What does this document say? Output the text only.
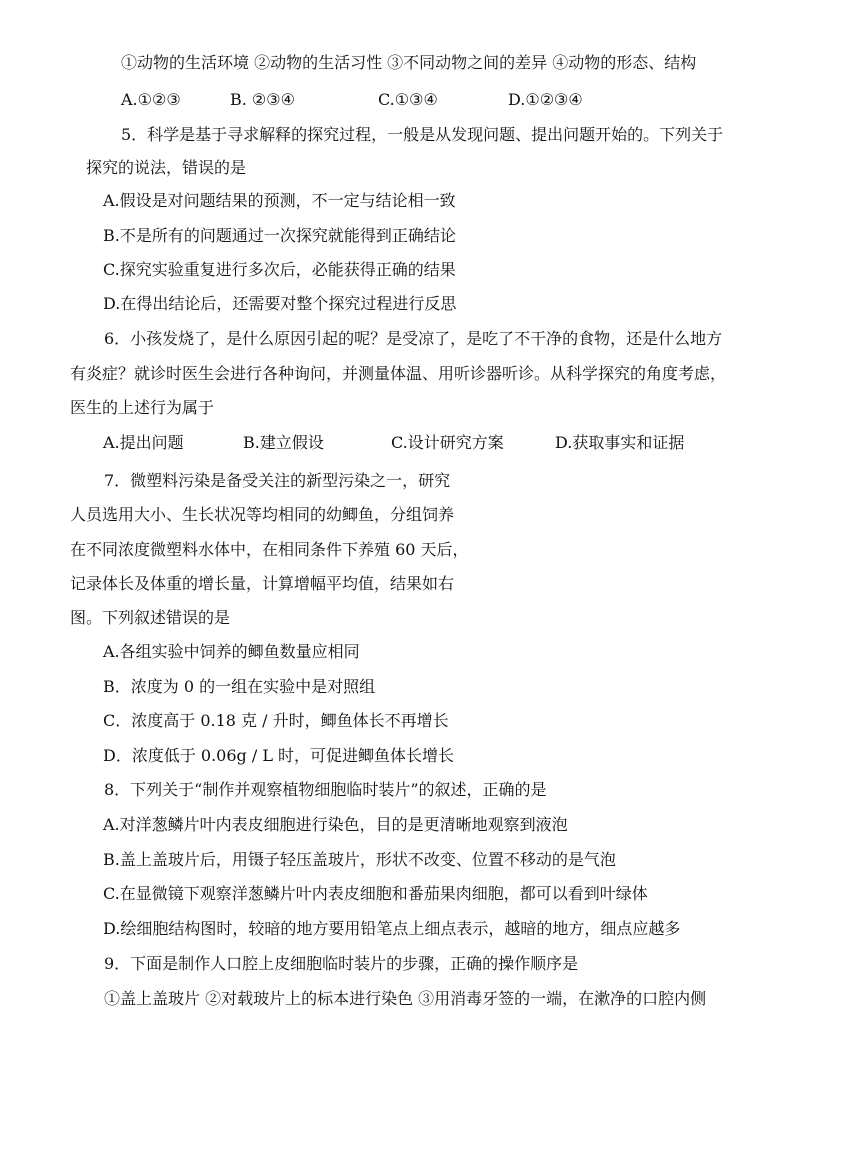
①动物的生活环境 ②动物的生活习性 ③不同动物之间的差异 ④动物的形态、结构
A.①②③	B. ②③④	C.①③④	D.①②③④
5．科学是基于寻求解释的探究过程，一般是从发现问题、提出问题开始的。下列关于
探究的说法，错误的是
A.假设是对问题结果的预测，不一定与结论相一致
B.不是所有的问题通过一次探究就能得到正确结论
C.探究实验重复进行多次后，必能获得正确的结果
D.在得出结论后，还需要对整个探究过程进行反思
6．小孩发烧了，是什么原因引起的呢？是受凉了，是吃了不干净的食物，还是什么地方
有炎症？就诊时医生会进行各种询问，并测量体温、用听诊器听诊。从科学探究的角度考虑，
医生的上述行为属于
A.提出问题	B.建立假设	C.设计研究方案	D.获取事实和证据
7．微塑料污染是备受关注的新型污染之一，研究
人员选用大小、生长状况等均相同的幼鲫鱼，分组饲养
在不同浓度微塑料水体中，在相同条件下养殖 60 天后，
记录体长及体重的增长量，计算增幅平均值，结果如右
图。下列叙述错误的是
A.各组实验中饲养的鲫鱼数量应相同
B．浓度为 0 的一组在实验中是对照组
C．浓度高于 0.18 克 / 升时，鲫鱼体长不再增长
D．浓度低于 0.06g / L 时，可促进鲫鱼体长增长
8．下列关于“制作并观察植物细胞临时装片”的叙述，正确的是
A.对洋葱鳞片叶内表皮细胞进行染色，目的是更清晰地观察到液泡
B.盖上盖玻片后，用镊子轻压盖玻片，形状不改变、位置不移动的是气泡
C.在显微镜下观察洋葱鳞片叶内表皮细胞和番茄果肉细胞，都可以看到叶绿体
D.绘细胞结构图时，较暗的地方要用铅笔点上细点表示，越暗的地方，细点应越多
9．下面是制作人口腔上皮细胞临时装片的步骤，正确的操作顺序是
①盖上盖玻片 ②对载玻片上的标本进行染色 ③用消毒牙签的一端，在漱净的口腔内侧
